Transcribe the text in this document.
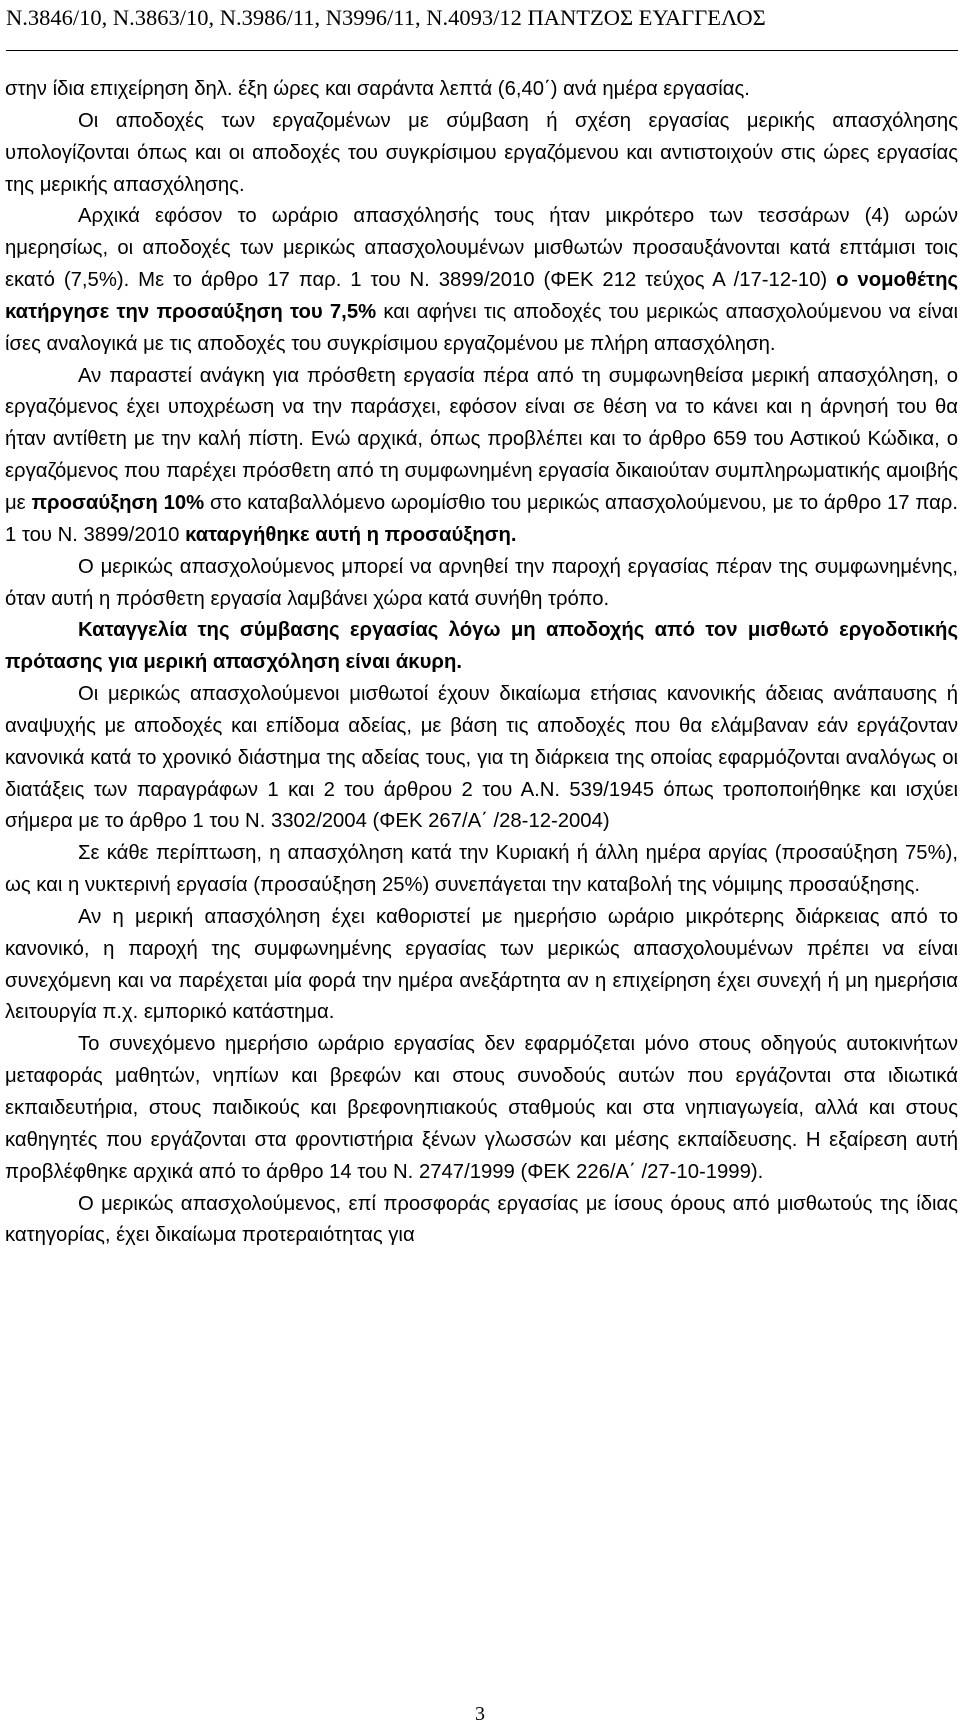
Ν.3846/10, Ν.3863/10, Ν.3986/11, Ν3996/11, Ν.4093/12 ΠΑΝΤΖΟΣ ΕΥΑΓΓΕΛΟΣ

στην ίδια επιχείρηση δηλ. έξη ώρες και σαράντα λεπτά (6,40΄) ανά ημέρα εργασίας.

Οι αποδοχές των εργαζομένων με σύμβαση ή σχέση εργασίας μερικής απασχόλησης υπολογίζονται όπως και οι αποδοχές του συγκρίσιμου εργαζόμενου και αντιστοιχούν στις ώρες εργασίας της μερικής απασχόλησης.

Αρχικά εφόσον το ωράριο απασχόλησής τους ήταν μικρότερο των τεσσάρων (4) ωρών ημερησίως, οι αποδοχές των μερικώς απασχολουμένων μισθωτών προσαυξάνονται κατά επτάμισι τοις εκατό (7,5%). Με το άρθρο 17 παρ. 1 του Ν. 3899/2010 (ΦΕΚ 212 τεύχος Α /17-12-10) ο νομοθέτης κατήργησε την προσαύξηση του 7,5% και αφήνει τις αποδοχές του μερικώς απασχολούμενου να είναι ίσες αναλογικά με τις αποδοχές του συγκρίσιμου εργαζομένου με πλήρη απασχόληση.

Αν παραστεί ανάγκη για πρόσθετη εργασία πέρα από τη συμφωνηθείσα μερική απασχόληση, ο εργαζόμενος έχει υποχρέωση να την παράσχει, εφόσον είναι σε θέση να το κάνει και η άρνησή του θα ήταν αντίθετη με την καλή πίστη. Ενώ αρχικά, όπως προβλέπει και το άρθρο 659 του Αστικού Κώδικα, ο εργαζόμενος που παρέχει πρόσθετη από τη συμφωνημένη εργασία δικαιούταν συμπληρωματικής αμοιβής με προσαύξηση 10% στο καταβαλλόμενο ωρομίσθιο του μερικώς απασχολούμενου, με το άρθρο 17 παρ. 1 του Ν. 3899/2010 καταργήθηκε αυτή η προσαύξηση.

Ο μερικώς απασχολούμενος μπορεί να αρνηθεί την παροχή εργασίας πέραν της συμφωνημένης, όταν αυτή η πρόσθετη εργασία λαμβάνει χώρα κατά συνήθη τρόπο.

Καταγγελία της σύμβασης εργασίας λόγω μη αποδοχής από τον μισθωτό εργοδοτικής πρότασης για μερική απασχόληση είναι άκυρη.

Οι μερικώς απασχολούμενοι μισθωτοί έχουν δικαίωμα ετήσιας κανονικής άδειας ανάπαυσης ή αναψυχής με αποδοχές και επίδομα αδείας, με βάση τις αποδοχές που θα ελάμβαναν εάν εργάζονταν κανονικά κατά το χρονικό διάστημα της αδείας τους, για τη διάρκεια της οποίας εφαρμόζονται αναλόγως οι διατάξεις των παραγράφων 1 και 2 του άρθρου 2 του Α.Ν. 539/1945 όπως τροποποιήθηκε και ισχύει σήμερα με το άρθρο 1 του Ν. 3302/2004 (ΦΕΚ 267/Α΄ /28-12-2004)

Σε κάθε περίπτωση, η απασχόληση κατά την Κυριακή ή άλλη ημέρα αργίας (προσαύξηση 75%), ως και η νυκτερινή εργασία (προσαύξηση 25%) συνεπάγεται την καταβολή της νόμιμης προσαύξησης.

Αν η μερική απασχόληση έχει καθοριστεί με ημερήσιο ωράριο μικρότερης διάρκειας από το κανονικό, η παροχή της συμφωνημένης εργασίας των μερικώς απασχολουμένων πρέπει να είναι συνεχόμενη και να παρέχεται μία φορά την ημέρα ανεξάρτητα αν η επιχείρηση έχει συνεχή ή μη ημερήσια λειτουργία π.χ. εμπορικό κατάστημα.

Το συνεχόμενο ημερήσιο ωράριο εργασίας δεν εφαρμόζεται μόνο στους οδηγούς αυτοκινήτων μεταφοράς μαθητών, νηπίων και βρεφών και στους συνοδούς αυτών που εργάζονται στα ιδιωτικά εκπαιδευτήρια, στους παιδικούς και βρεφονηπιακούς σταθμούς και στα νηπιαγωγεία, αλλά και στους καθηγητές που εργάζονται στα φροντιστήρια ξένων γλωσσών και μέσης εκπαίδευσης. Η εξαίρεση αυτή προβλέφθηκε αρχικά από το άρθρο 14 του Ν. 2747/1999 (ΦΕΚ 226/Α΄ /27-10-1999).

Ο μερικώς απασχολούμενος, επί προσφοράς εργασίας με ίσους όρους από μισθωτούς της ίδιας κατηγορίας, έχει δικαίωμα προτεραιότητας για

3
